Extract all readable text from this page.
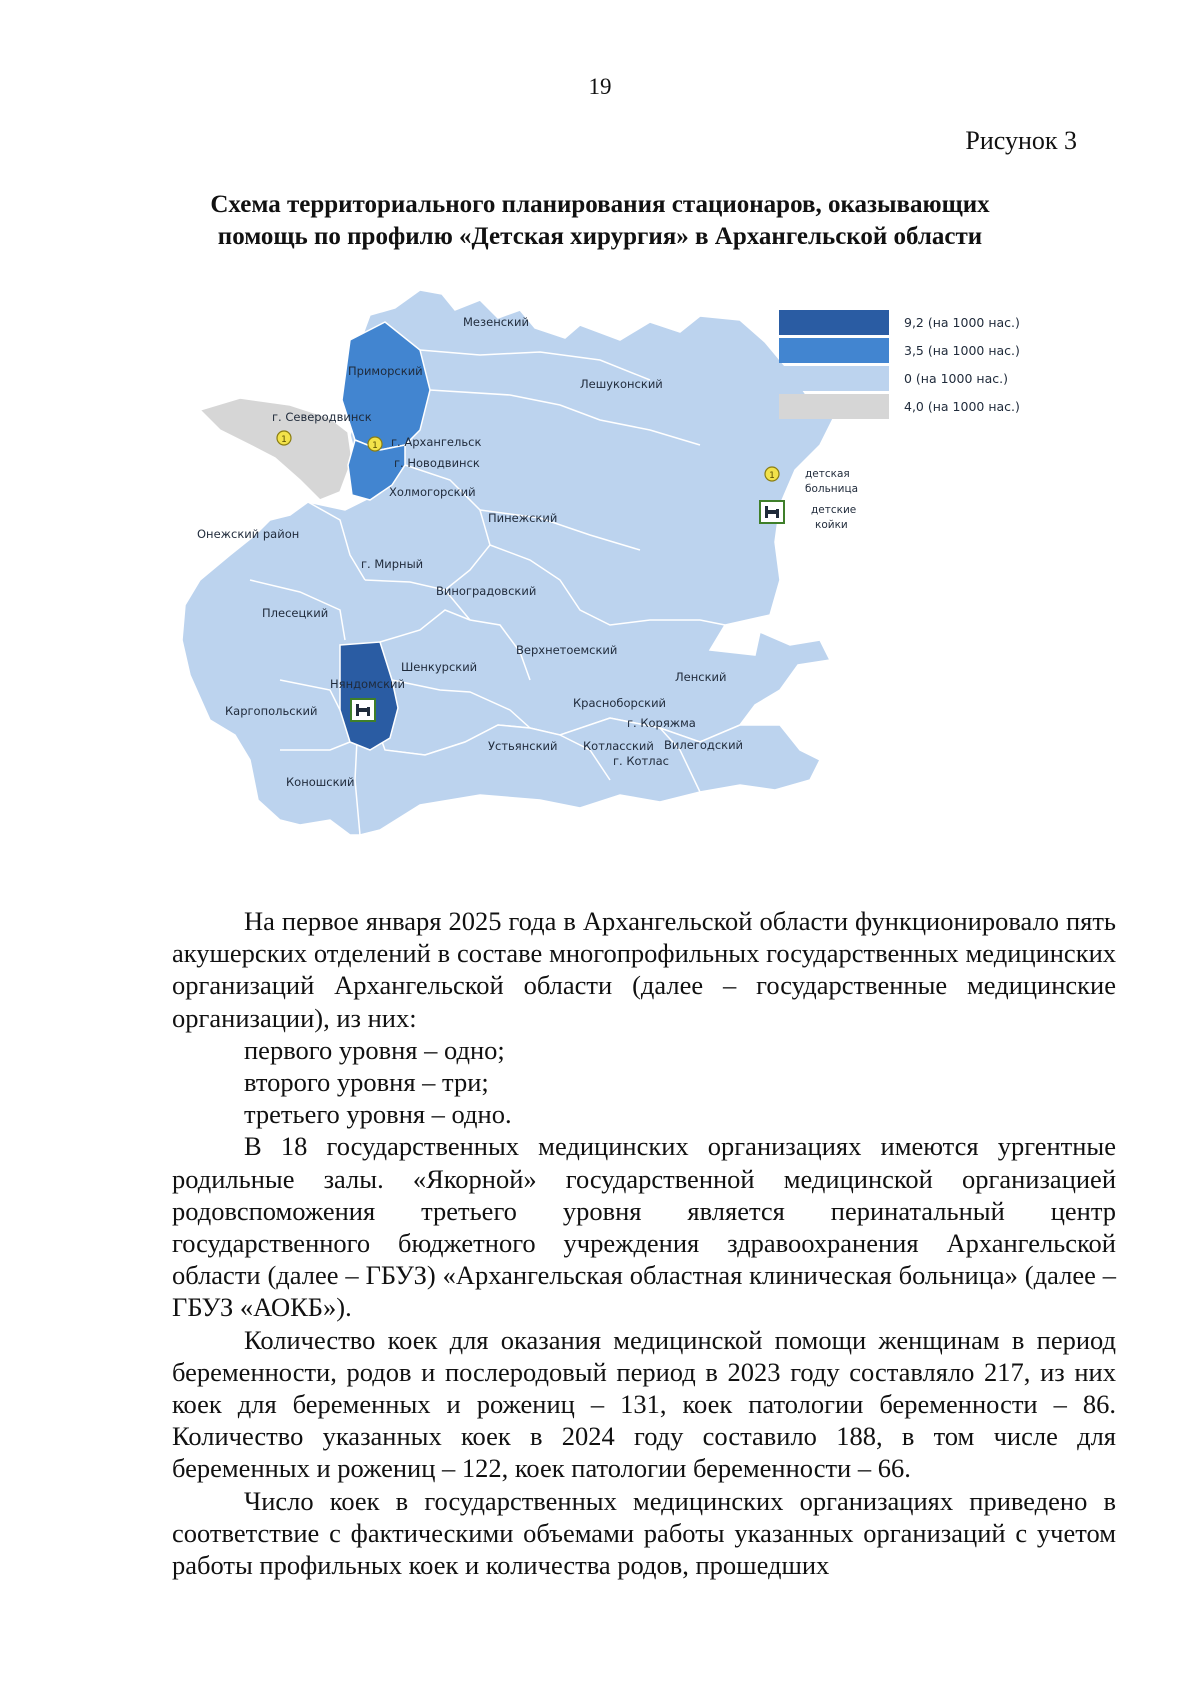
19
Рисунок 3
Схема территориального планирования стационаров, оказывающих
помощь по профилю «Детская хирургия» в Архангельской области
Мезенский
Приморский
Лешуконский
г. Северодвинск
г. Архангельск
г. Новодвинск
Холмогорский
Пинежский
Онежский район
г. Мирный
Виноградовский
Плесецкий
Верхнетоемский
Шенкурский
Няндомский	Ленский
Каргопольский
Красноборский
г. Коряжма
Устьянский Котласский Вилегодский
г. Котлас
Коношский
1
1
9,2 (на 1000 нас.)
3,5 (на 1000 нас.)
0 (на 1000 нас.)
4,0 (на 1000 нас.)
1	детская
больница
детские
койки

На первое января 2025 года в Архангельской области функционировало пять акушерских отделений в составе многопрофильных государственных медицинских организаций Архангельской области (далее – государственные медицинские организации), из них:

первого уровня – одно;

второго уровня – три;

третьего уровня – одно.

В 18 государственных медицинских организациях имеются ургентные родильные залы. «Якорной» государственной медицинской организацией родовспоможения третьего уровня является перинатальный центр государственного бюджетного учреждения здравоохранения Архангельской области (далее – ГБУЗ) «Архангельская областная клиническая больница» (далее – ГБУЗ «АОКБ»).

Количество коек для оказания медицинской помощи женщинам в период беременности, родов и послеродовый период в 2023 году составляло 217, из них коек для беременных и рожениц – 131, коек патологии беременности – 86. Количество указанных коек в 2024 году составило 188, в том числе для беременных и рожениц – 122, коек патологии беременности – 66.

Число коек в государственных медицинских организациях приведено в соответствие с фактическими объемами работы указанных организаций с учетом работы профильных коек и количества родов, прошедших
